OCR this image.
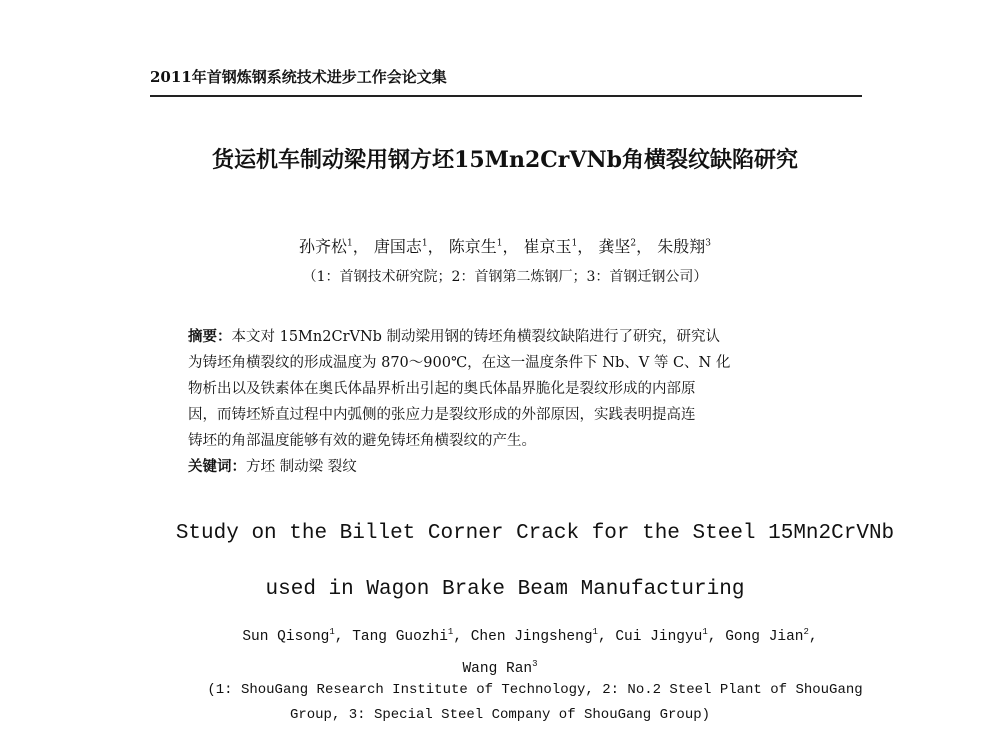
2011年首钢炼钢系统技术进步工作会论文集
货运机车制动梁用钢方坯15Mn2CrVNb角横裂纹缺陷研究
孙齐松$^1$， 唐国志$^1$， 陈京生$^1$， 崔京玉$^1$， 龚坚$^2$， 朱殷翔$^3$
（1：首钢技术研究院；2：首钢第二炼钢厂；3：首钢迁钢公司）
摘要：本文对 15Mn2CrVNb 制动梁用钢的铸坯角横裂纹缺陷进行了研究，研究认
为铸坯角横裂纹的形成温度为 870～900℃，在这一温度条件下 Nb、V 等 C、N 化
物析出以及铁素体在奥氏体晶界析出引起的奥氏体晶界脆化是裂纹形成的内部原
因，而铸坯矫直过程中内弧侧的张应力是裂纹形成的外部原因，实践表明提高连
铸坯的角部温度能够有效的避免铸坯角横裂纹的产生。
关键词：方坯 制动梁 裂纹
Study on the Billet Corner Crack for the Steel 15Mn2CrVNb
used in Wagon Brake Beam Manufacturing
Sun Qisong$^1$, Tang Guozhi$^1$, Chen Jingsheng$^1$, Cui Jingyu$^1$, Gong Jian$^2$,
Wang Ran$^3$
(1: ShouGang Research Institute of Technology, 2: No.2 Steel Plant of ShouGang
Group, 3: Special Steel Company of ShouGang Group)
